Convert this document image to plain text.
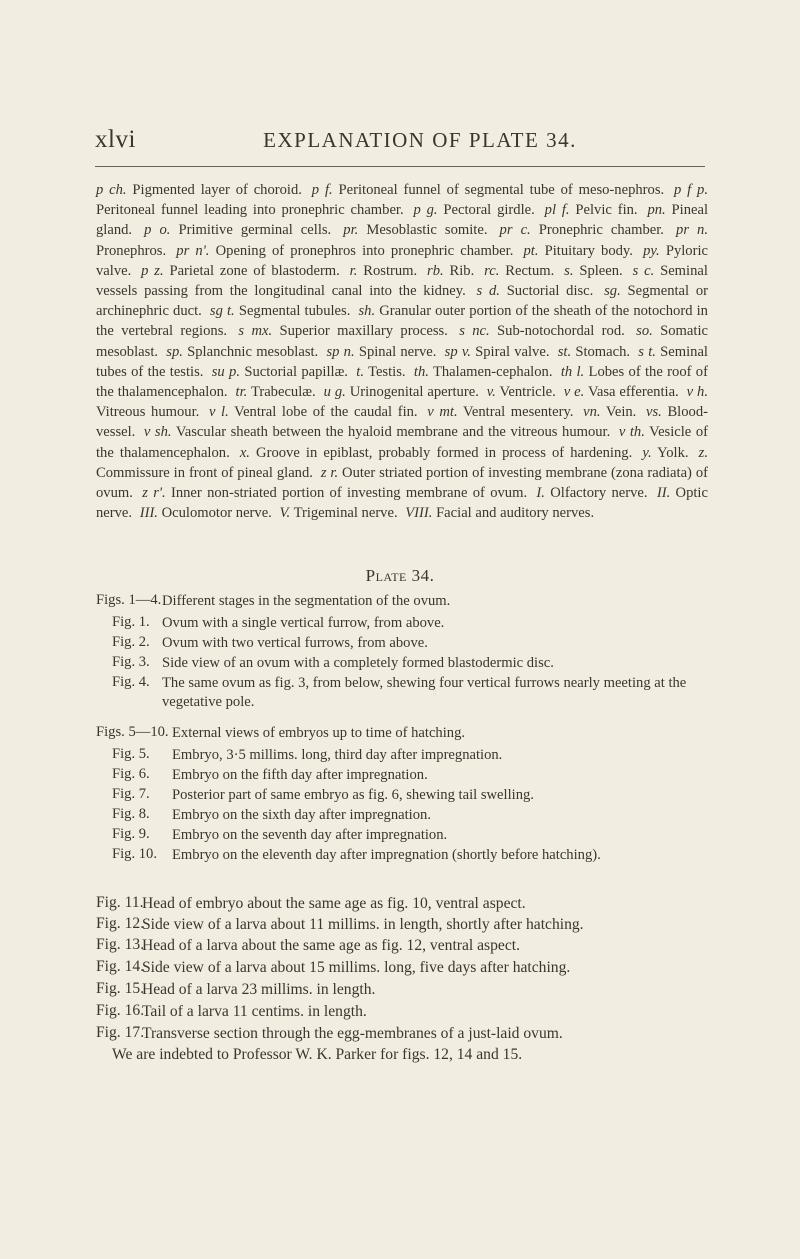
xlvi	EXPLANATION OF PLATE 34.
p ch. Pigmented layer of choroid. p f. Peritoneal funnel of segmental tube of meso-nephros. p f p. Peritoneal funnel leading into pronephric chamber. p g. Pectoral girdle. pl f. Pelvic fin. pn. Pineal gland. p o. Primitive germinal cells. pr. Mesoblastic somite. pr c. Pronephric chamber. pr n. Pronephros. pr n'. Opening of pronephros into pronephric chamber. pt. Pituitary body. py. Pyloric valve. p z. Parietal zone of blastoderm. r. Rostrum. rb. Rib. rc. Rectum. s. Spleen. s c. Seminal vessels passing from the longitudinal canal into the kidney. s d. Suctorial disc. sg. Segmental or archinephric duct. sg t. Segmental tubules. sh. Granular outer portion of the sheath of the notochord in the vertebral regions. s mx. Superior maxillary process. s nc. Sub-notochordal rod. so. Somatic mesoblast. sp. Splanchnic mesoblast. sp n. Spinal nerve. sp v. Spiral valve. st. Stomach. s t. Seminal tubes of the testis. su p. Suctorial papillæ. t. Testis. th. Thalamen-cephalon. th l. Lobes of the roof of the thalamencephalon. tr. Trabeculæ. u g. Urinogenital aperture. v. Ventricle. v e. Vasa efferentia. v h. Vitreous humour. v l. Ventral lobe of the caudal fin. v mt. Ventral mesentery. vn. Vein. vs. Blood-vessel. v sh. Vascular sheath between the hyaloid membrane and the vitreous humour. v th. Vesicle of the thalamencephalon. x. Groove in epiblast, probably formed in process of hardening. y. Yolk. z. Commissure in front of pineal gland. z r. Outer striated portion of investing membrane (zona radiata) of ovum. z r'. Inner non-striated portion of investing membrane of ovum. I. Olfactory nerve. II. Optic nerve. III. Oculomotor nerve. V. Trigeminal nerve. VIII. Facial and auditory nerves.
Plate 34.
Figs. 1—4. Different stages in the segmentation of the ovum.
Fig. 1. Ovum with a single vertical furrow, from above.
Fig. 2. Ovum with two vertical furrows, from above.
Fig. 3. Side view of an ovum with a completely formed blastodermic disc.
Fig. 4. The same ovum as fig. 3, from below, shewing four vertical furrows nearly meeting at the vegetative pole.
Figs. 5—10. External views of embryos up to time of hatching.
Fig. 5. Embryo, 3·5 millims. long, third day after impregnation.
Fig. 6. Embryo on the fifth day after impregnation.
Fig. 7. Posterior part of same embryo as fig. 6, shewing tail swelling.
Fig. 8. Embryo on the sixth day after impregnation.
Fig. 9. Embryo on the seventh day after impregnation.
Fig. 10. Embryo on the eleventh day after impregnation (shortly before hatching).
Fig. 11.
Head of embryo about the same age as fig. 10, ventral aspect.
Fig. 12.
Side view of a larva about 11 millims. in length, shortly after hatching.
Fig. 13.
Head of a larva about the same age as fig. 12, ventral aspect.
Fig. 14.
Side view of a larva about 15 millims. long, five days after hatching.
Fig. 15.
Head of a larva 23 millims. in length.
Fig. 16.
Tail of a larva 11 centims. in length.
Fig. 17.
Transverse section through the egg-membranes of a just-laid ovum.
We are indebted to Professor W. K. Parker for figs. 12, 14 and 15.
